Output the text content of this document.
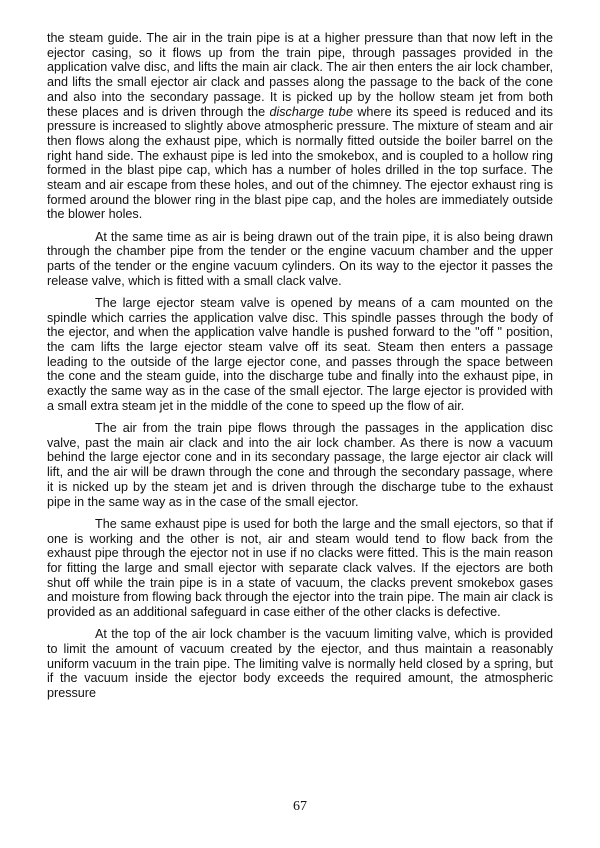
the steam guide. The air in the train pipe is at a higher pressure than that now left in the ejector casing, so it flows up from the train pipe, through passages provided in the application valve disc, and lifts the main air clack. The air then enters the air lock chamber, and lifts the small ejector air clack and passes along the passage to the back of the cone and also into the secondary passage. It is picked up by the hollow steam jet from both these places and is driven through the discharge tube where its speed is reduced and its pressure is increased to slightly above atmospheric pressure. The mixture of steam and air then flows along the exhaust pipe, which is normally fitted outside the boiler barrel on the right hand side. The exhaust pipe is led into the smokebox, and is coupled to a hollow ring formed in the blast pipe cap, which has a number of holes drilled in the top surface. The steam and air escape from these holes, and out of the chimney. The ejector exhaust ring is formed around the blower ring in the blast pipe cap, and the holes are immediately outside the blower holes.

At the same time as air is being drawn out of the train pipe, it is also being drawn through the chamber pipe from the tender or the engine vacuum chamber and the upper parts of the tender or the engine vacuum cylinders. On its way to the ejector it passes the release valve, which is fitted with a small clack valve.

The large ejector steam valve is opened by means of a cam mounted on the spindle which carries the application valve disc. This spindle passes through the body of the ejector, and when the application valve handle is pushed forward to the "off " position, the cam lifts the large ejector steam valve off its seat. Steam then enters a passage leading to the outside of the large ejector cone, and passes through the space between the cone and the steam guide, into the discharge tube and finally into the exhaust pipe, in exactly the same way as in the case of the small ejector. The large ejector is provided with a small extra steam jet in the middle of the cone to speed up the flow of air.

The air from the train pipe flows through the passages in the application disc valve, past the main air clack and into the air lock chamber. As there is now a vacuum behind the large ejector cone and in its secondary passage, the large ejector air clack will lift, and the air will be drawn through the cone and through the secondary passage, where it is nicked up by the steam jet and is driven through the discharge tube to the exhaust pipe in the same way as in the case of the small ejector.

The same exhaust pipe is used for both the large and the small ejectors, so that if one is working and the other is not, air and steam would tend to flow back from the exhaust pipe through the ejector not in use if no clacks were fitted. This is the main reason for fitting the large and small ejector with separate clack valves. If the ejectors are both shut off while the train pipe is in a state of vacuum, the clacks prevent smokebox gases and moisture from flowing back through the ejector into the train pipe. The main air clack is provided as an additional safeguard in case either of the other clacks is defective.

At the top of the air lock chamber is the vacuum limiting valve, which is provided to limit the amount of vacuum created by the ejector, and thus maintain a reasonably uniform vacuum in the train pipe. The limiting valve is normally held closed by a spring, but if the vacuum inside the ejector body exceeds the required amount, the atmospheric pressure

67
